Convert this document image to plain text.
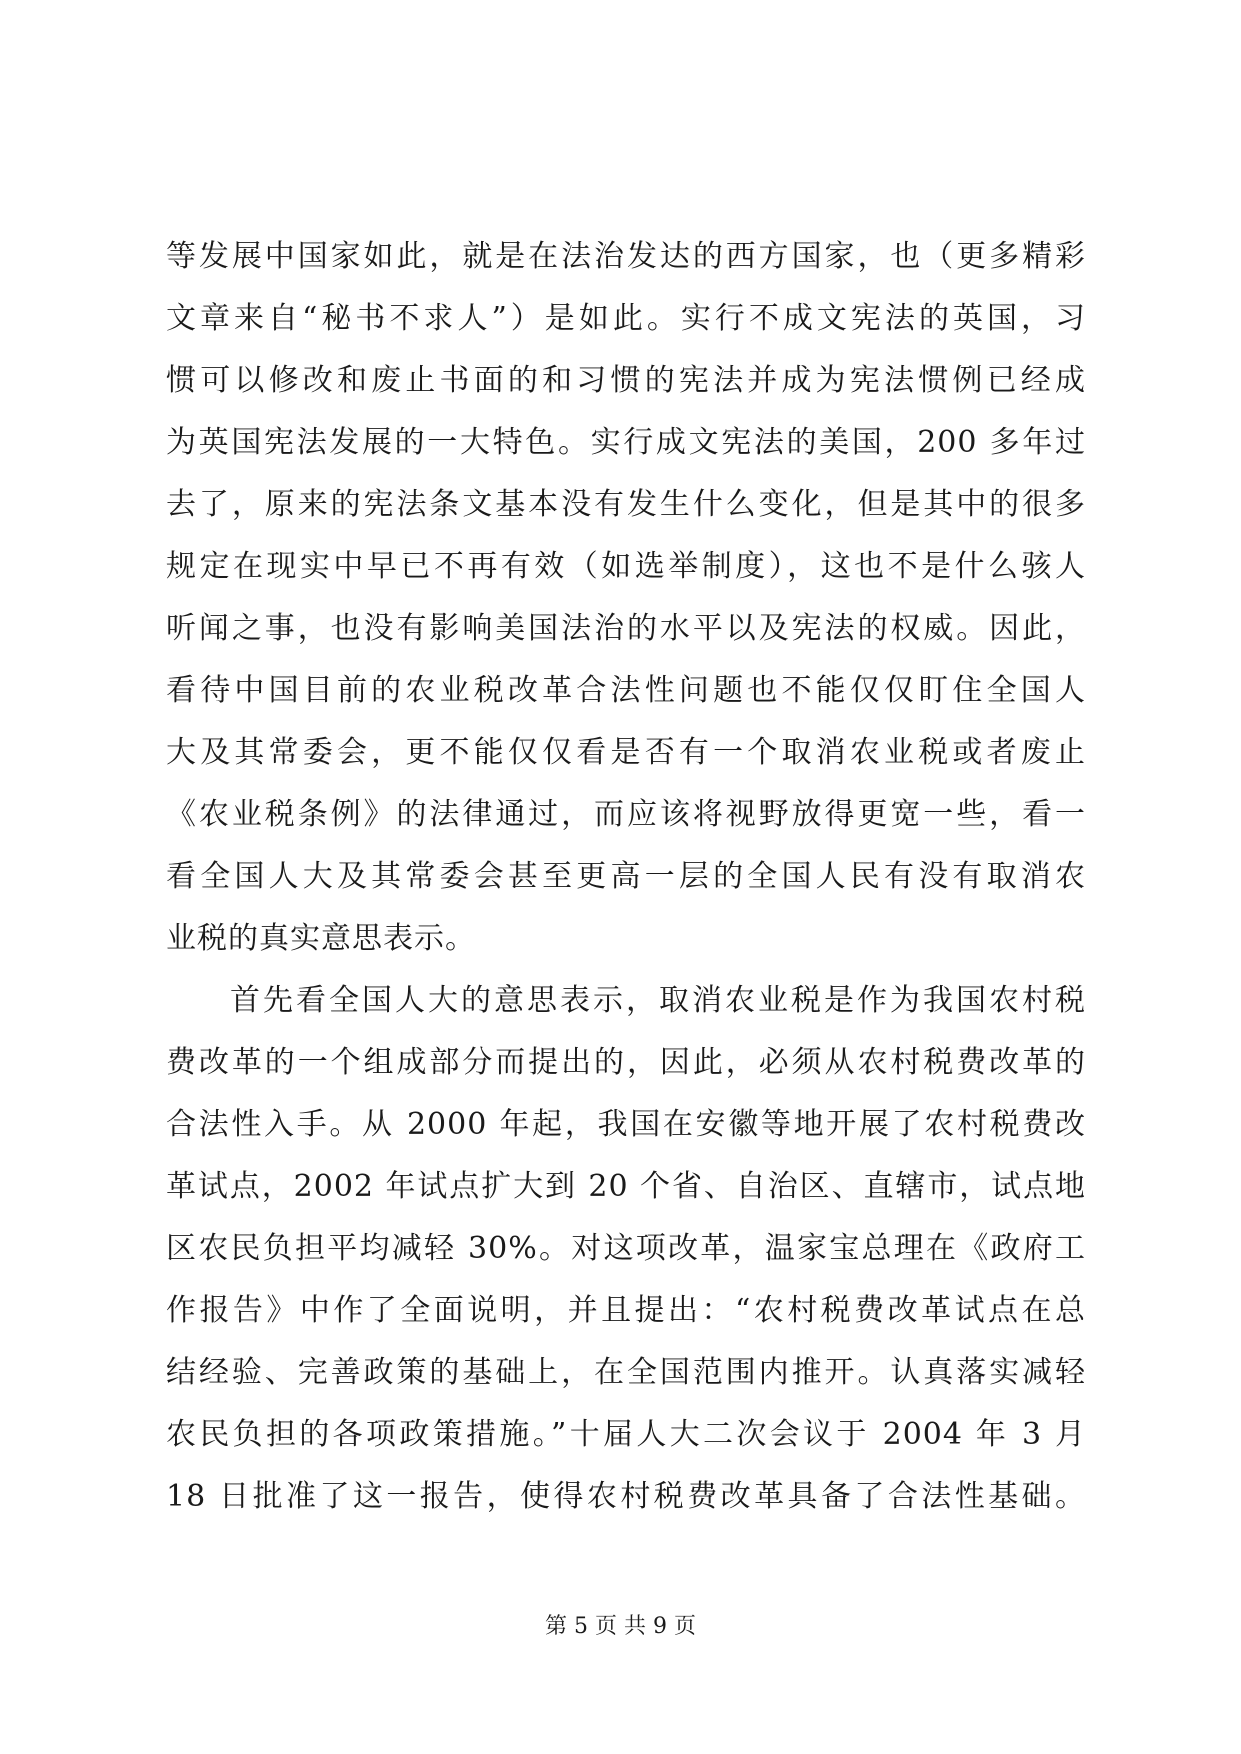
等发展中国家如此，就是在法治发达的西方国家，也（更多精彩
文章来自“秘书不求人”）是如此。实行不成文宪法的英国，习
惯可以修改和废止书面的和习惯的宪法并成为宪法惯例已经成
为英国宪法发展的一大特色。实行成文宪法的美国，200 多年过
去了，原来的宪法条文基本没有发生什么变化，但是其中的很多
规定在现实中早已不再有效（如选举制度），这也不是什么骇人
听闻之事，也没有影响美国法治的水平以及宪法的权威。因此，
看待中国目前的农业税改革合法性问题也不能仅仅盯住全国人
大及其常委会，更不能仅仅看是否有一个取消农业税或者废止
《农业税条例》的法律通过，而应该将视野放得更宽一些，看一
看全国人大及其常委会甚至更高一层的全国人民有没有取消农
业税的真实意思表示。
首先看全国人大的意思表示，取消农业税是作为我国农村税
费改革的一个组成部分而提出的，因此，必须从农村税费改革的
合法性入手。从 2000 年起，我国在安徽等地开展了农村税费改
革试点，2002 年试点扩大到 20 个省、自治区、直辖市，试点地
区农民负担平均减轻 30%。对这项改革，温家宝总理在《政府工
作报告》中作了全面说明，并且提出：“农村税费改革试点在总
结经验、完善政策的基础上，在全国范围内推开。认真落实减轻
农民负担的各项政策措施。”十届人大二次会议于 2004 年 3 月
18 日批准了这一报告，使得农村税费改革具备了合法性基础。
第 5 页 共 9 页
